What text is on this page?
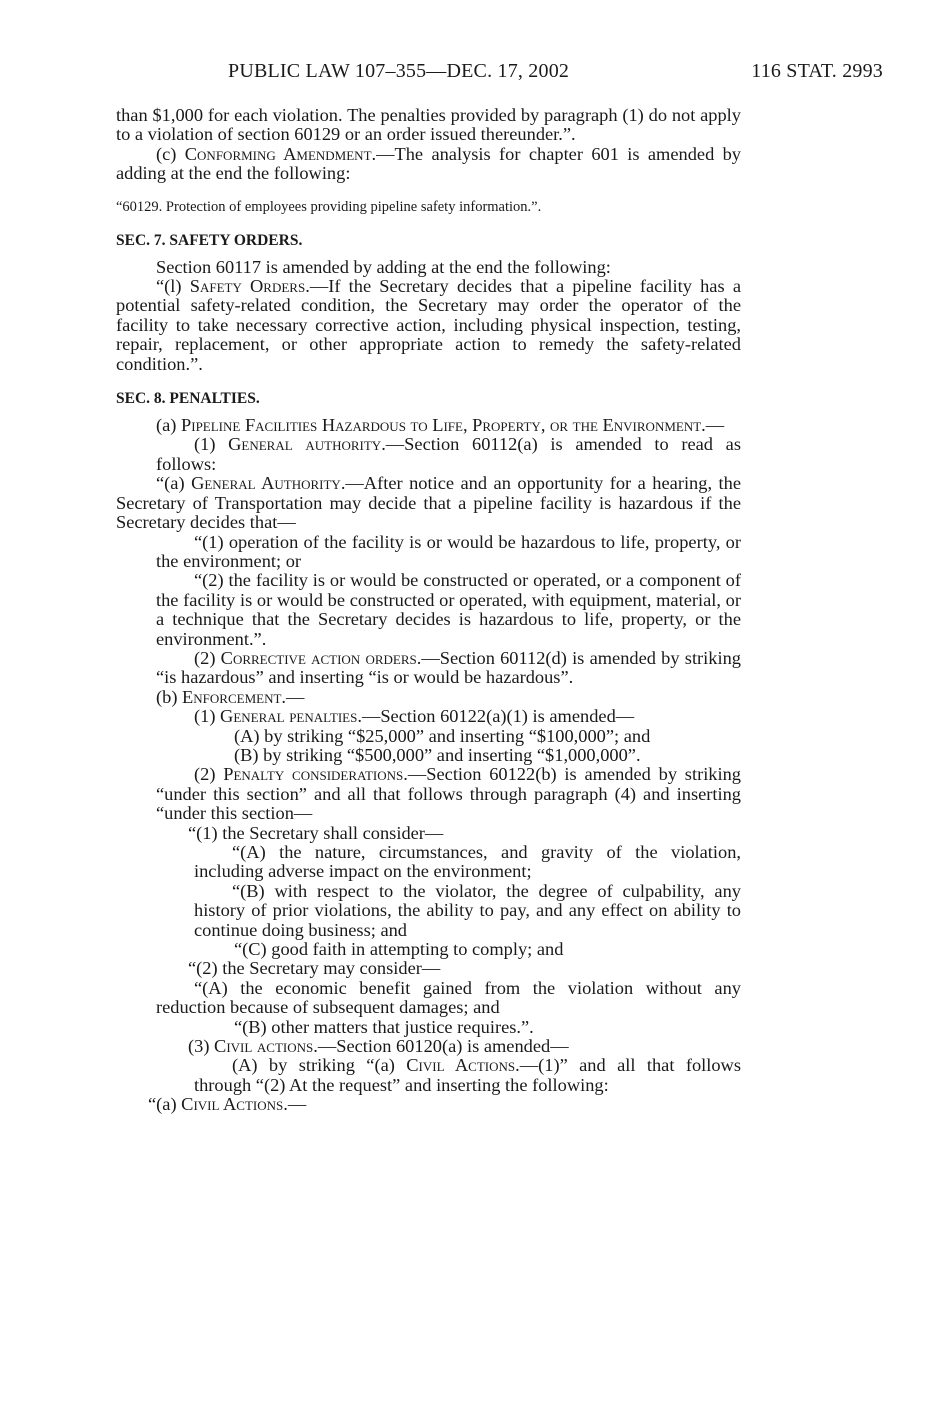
PUBLIC LAW 107–355—DEC. 17, 2002	116 STAT. 2993

than $1,000 for each violation. The penalties provided by paragraph (1) do not apply to a violation of section 60129 or an order issued thereunder.”.

(c) Conforming Amendment.—The analysis for chapter 601 is amended by adding at the end the following:

“60129. Protection of employees providing pipeline safety information.”.

SEC. 7. SAFETY ORDERS.

Section 60117 is amended by adding at the end the following:

“(l) Safety Orders.—If the Secretary decides that a pipeline facility has a potential safety-related condition, the Secretary may order the operator of the facility to take necessary corrective action, including physical inspection, testing, repair, replacement, or other appropriate action to remedy the safety-related condition.”.

SEC. 8. PENALTIES.

(a) Pipeline Facilities Hazardous to Life, Property, or the Environment.—

(1) General authority.—Section 60112(a) is amended to read as follows:

“(a) General Authority.—After notice and an opportunity for a hearing, the Secretary of Transportation may decide that a pipeline facility is hazardous if the Secretary decides that—

“(1) operation of the facility is or would be hazardous to life, property, or the environment; or

“(2) the facility is or would be constructed or operated, or a component of the facility is or would be constructed or operated, with equipment, material, or a technique that the Secretary decides is hazardous to life, property, or the environment.”.

(2) Corrective action orders.—Section 60112(d) is amended by striking “is hazardous” and inserting “is or would be hazardous”.

(b) Enforcement.—

(1) General penalties.—Section 60122(a)(1) is amended—

(A) by striking “$25,000” and inserting “$100,000”; and

(B) by striking “$500,000” and inserting “$1,000,000”.

(2) Penalty considerations.—Section 60122(b) is amended by striking “under this section” and all that follows through paragraph (4) and inserting “under this section—

“(1) the Secretary shall consider—

“(A) the nature, circumstances, and gravity of the violation, including adverse impact on the environment;

“(B) with respect to the violator, the degree of culpability, any history of prior violations, the ability to pay, and any effect on ability to continue doing business; and

“(C) good faith in attempting to comply; and

“(2) the Secretary may consider—

“(A) the economic benefit gained from the violation without any reduction because of subsequent damages; and

“(B) other matters that justice requires.”.

(3) Civil actions.—Section 60120(a) is amended—

(A) by striking “(a) Civil Actions.—(1)” and all that follows through “(2) At the request” and inserting the following:

“(a) Civil Actions.—
